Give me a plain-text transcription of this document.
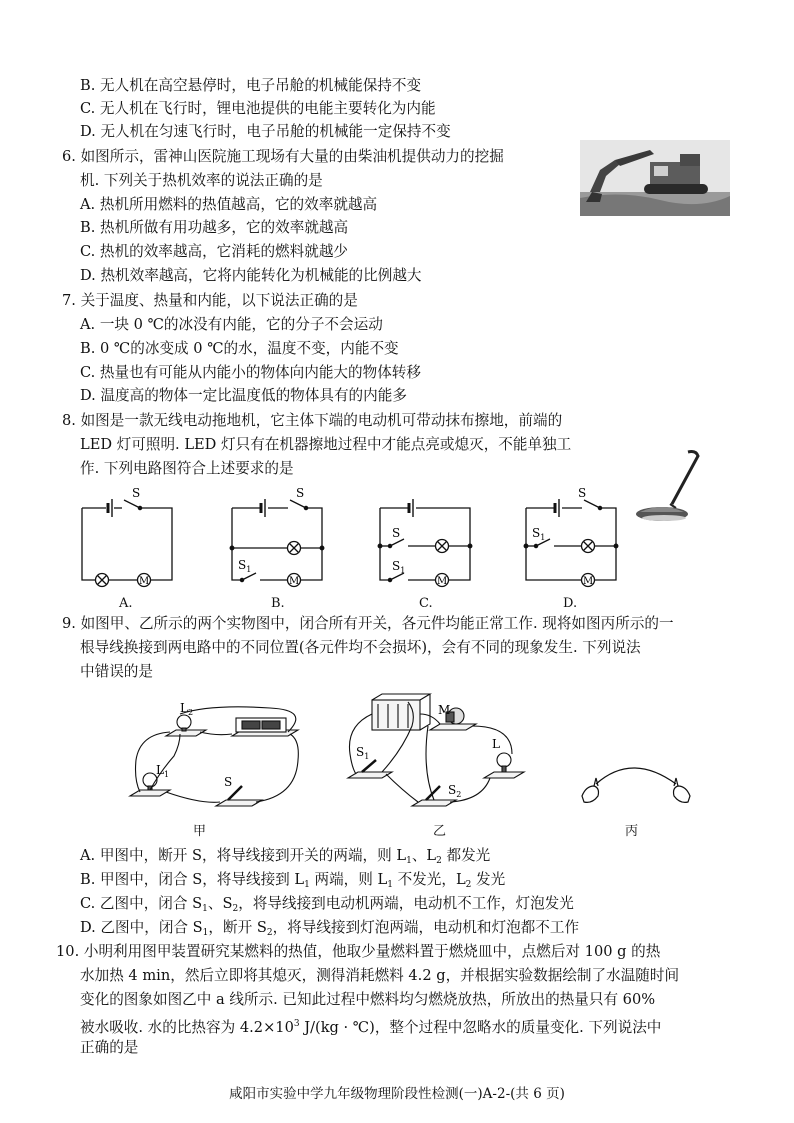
B. 无人机在高空悬停时，电子吊舱的机械能保持不变
C. 无人机在飞行时，锂电池提供的电能主要转化为内能
D. 无人机在匀速飞行时，电子吊舱的机械能一定保持不变
6. 如图所示，雷神山医院施工现场有大量的由柴油机提供动力的挖掘
机. 下列关于热机效率的说法正确的是
A. 热机所用燃料的热值越高，它的效率就越高
B. 热机所做有用功越多，它的效率就越高
C. 热机的效率越高，它消耗的燃料就越少
D. 热机效率越高，它将内能转化为机械能的比例越大
7. 关于温度、热量和内能，以下说法正确的是
A. 一块 0 ℃的冰没有内能，它的分子不会运动
B. 0 ℃的冰变成 0 ℃的水，温度不变，内能不变
C. 热量也有可能从内能小的物体向内能大的物体转移
D. 温度高的物体一定比温度低的物体具有的内能多
8. 如图是一款无线电动拖地机，它主体下端的电动机可带动抹布擦地，前端的
LED 灯可照明. LED 灯只有在机器擦地过程中才能点亮或熄灭，不能单独工
作. 下列电路图符合上述要求的是
S
M
A.
S
$S_1$
M
B.
S
$S_1$
M
C.
S
$S_1$
M
D.
9. 如图甲、乙所示的两个实物图中，闭合所有开关，各元件均能正常工作. 现将如图丙所示的一
根导线换接到两电路中的不同位置(各元件均不会损坏)，会有不同的现象发生. 下列说法
中错误的是
$L_2$
$L_1$
S
M
L
$S_1$
$S_2$
甲	乙	丙
A. 甲图中，断开 S，将导线接到开关的两端，则 $L_1$、$L_2$ 都发光
B. 甲图中，闭合 S，将导线接到 $L_1$ 两端，则 $L_1$ 不发光，$L_2$ 发光
C. 乙图中，闭合 $S_1$、$S_2$，将导线接到电动机两端，电动机不工作，灯泡发光
D. 乙图中，闭合 $S_1$，断开 $S_2$，将导线接到灯泡两端，电动机和灯泡都不工作
10. 小明利用图甲装置研究某燃料的热值，他取少量燃料置于燃烧皿中，点燃后对 100 g 的热
水加热 4 min，然后立即将其熄灭，测得消耗燃料 4.2 g，并根据实验数据绘制了水温随时间
变化的图象如图乙中 a 线所示. 已知此过程中燃料均匀燃烧放热，所放出的热量只有 60%
被水吸收. 水的比热容为 $4.2\times 10^3$ J/(kg · ℃)，整个过程中忽略水的质量变化. 下列说法中
正确的是
咸阳市实验中学九年级物理阶段性检测(一)A-2-(共 6 页)
